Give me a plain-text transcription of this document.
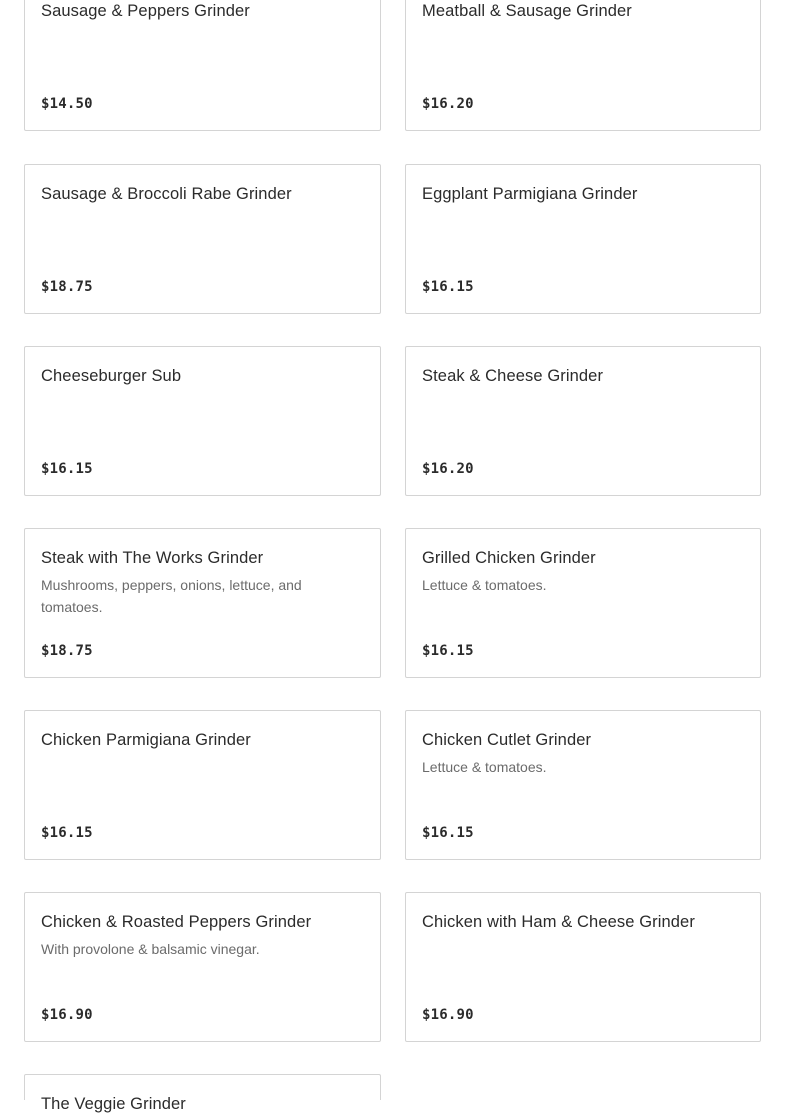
Sausage & Peppers Grinder
$14.50
Meatball & Sausage Grinder
$16.20
Sausage & Broccoli Rabe Grinder
$18.75
Eggplant Parmigiana Grinder
$16.15
Cheeseburger Sub
$16.15
Steak & Cheese Grinder
$16.20
Steak with The Works Grinder
Mushrooms, peppers, onions, lettuce, and tomatoes.
$18.75
Grilled Chicken Grinder
Lettuce & tomatoes.
$16.15
Chicken Parmigiana Grinder
$16.15
Chicken Cutlet Grinder
Lettuce & tomatoes.
$16.15
Chicken & Roasted Peppers Grinder
With provolone & balsamic vinegar.
$16.90
Chicken with Ham & Cheese Grinder
$16.90
The Veggie Grinder
